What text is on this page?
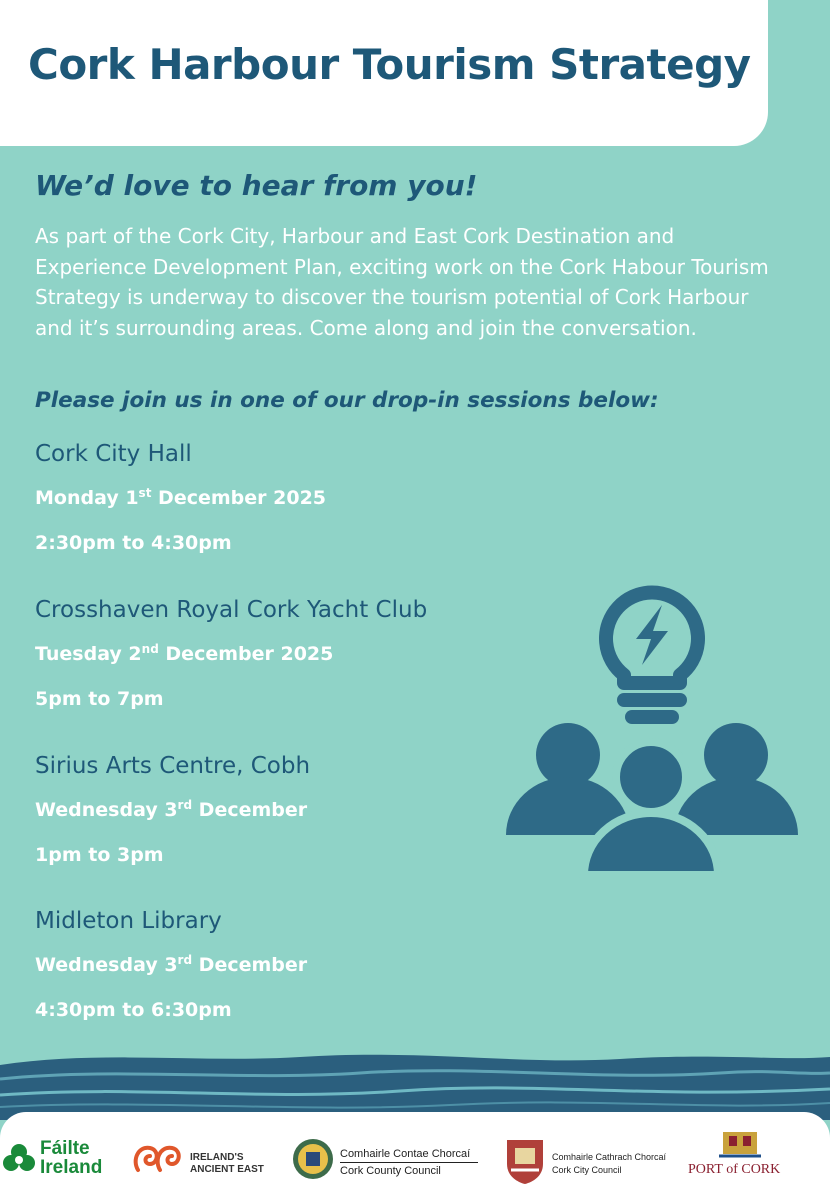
Cork Harbour Tourism Strategy
We’d love to hear from you!

As part of the Cork City, Harbour and East Cork Destination and Experience Development Plan, exciting work on the Cork Habour Tourism Strategy is underway to discover the tourism potential of Cork Harbour and it’s surrounding areas. Come along and join the conversation.

Please join us in one of our drop-in sessions below:

Cork City Hall
Monday 1st December 2025
2:30pm to 4:30pm
Crosshaven Royal Cork Yacht Club
Tuesday 2nd December 2025
5pm to 7pm
Sirius Arts Centre, Cobh
Wednesday 3rd December
1pm to 3pm
Midleton Library
Wednesday 3rd December
4:30pm to 6:30pm
Fáilte
Ireland	IRELAND'S
ANCIENT EAST
Comhairle Contae Chorcaí
Cork County Council
Comhairle Cathrach Chorcaí
Cork City Council	PORT of CORK
